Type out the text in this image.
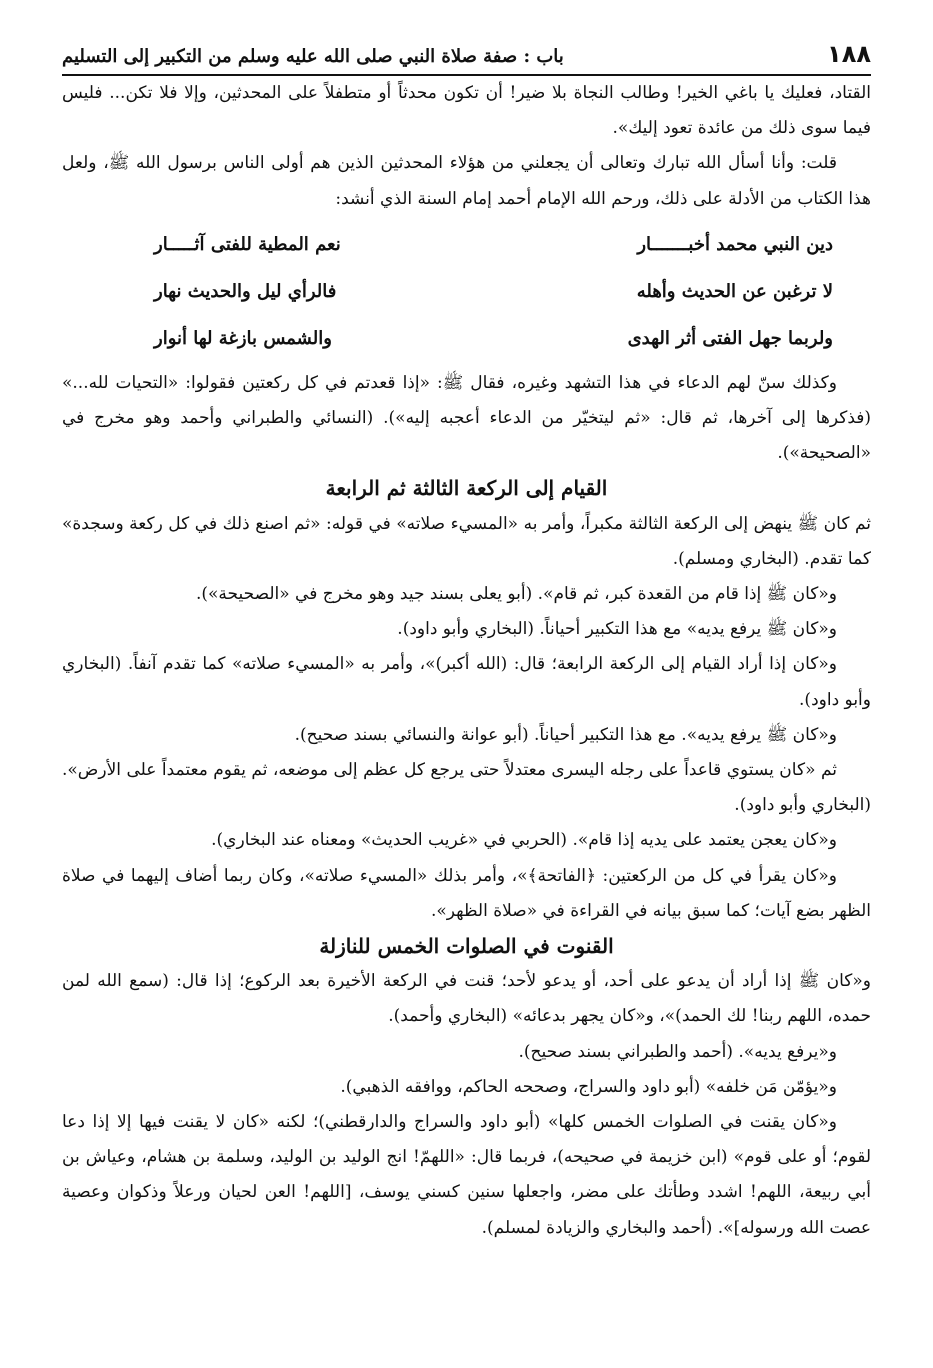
١٨٨
باب : صفة صلاة النبي صلى الله عليه وسلم من التكبير إلى التسليم

القتاد، فعليك يا باغي الخير! وطالب النجاة بلا ضير! أن تكون محدثاً أو متطفلاً على المحدثين، وإلا فلا تكن... فليس فيما سوى ذلك من عائدة تعود إليك».

قلت: وأنا أسأل الله تبارك وتعالى أن يجعلني من هؤلاء المحدثين الذين هم أولى الناس برسول الله ﷺ، ولعل هذا الكتاب من الأدلة على ذلك، ورحم الله الإمام أحمد إمام السنة الذي أنشد:

دين النبي محمد أخبـــــــار
نعم المطية للفتى آثـــــار
لا ترغبن عن الحديث وأهله
فالرأي ليل والحديث نهار
ولربما جهل الفتى أثر الهدى
والشمس بازغة لها أنوار

وكذلك سنّ لهم الدعاء في هذا التشهد وغيره، فقال ﷺ: «إذا قعدتم في كل ركعتين فقولوا: «التحيات لله...» (فذكرها إلى آخرها، ثم قال: «ثم ليتخيّر من الدعاء أعجبه إليه»). (النسائي والطبراني وأحمد وهو مخرج في «الصحيحة»).

القيام إلى الركعة الثالثة ثم الرابعة

ثم كان ﷺ ينهض إلى الركعة الثالثة مكبراً، وأمر به «المسيء صلاته» في قوله: «ثم اصنع ذلك في كل ركعة وسجدة» كما تقدم. (البخاري ومسلم).

و«كان ﷺ إذا قام من القعدة كبر، ثم قام». (أبو يعلى بسند جيد وهو مخرج في «الصحيحة»).

و«كان ﷺ يرفع يديه» مع هذا التكبير أحياناً. (البخاري وأبو داود).

و«كان إذا أراد القيام إلى الركعة الرابعة؛ قال: (الله أكبر)»، وأمر به «المسيء صلاته» كما تقدم آنفاً. (البخاري وأبو داود).

و«كان ﷺ يرفع يديه». مع هذا التكبير أحياناً. (أبو عوانة والنسائي بسند صحيح).

ثم «كان يستوي قاعداً على رجله اليسرى معتدلاً حتى يرجع كل عظم إلى موضعه، ثم يقوم معتمداً على الأرض». (البخاري وأبو داود).

و«كان يعجن يعتمد على يديه إذا قام». (الحربي في «غريب الحديث» ومعناه عند البخاري).

و«كان يقرأ في كل من الركعتين: ﴿الفاتحة﴾»، وأمر بذلك «المسيء صلاته»، وكان ربما أضاف إليهما في صلاة الظهر بضع آيات؛ كما سبق بيانه في القراءة في «صلاة الظهر».

القنوت في الصلوات الخمس للنازلة

و«كان ﷺ إذا أراد أن يدعو على أحد، أو يدعو لأحد؛ قنت في الركعة الأخيرة بعد الركوع؛ إذا قال: (سمع الله لمن حمده، اللهم ربنا! لك الحمد)»، و«كان يجهر بدعائه» (البخاري وأحمد).

و«يرفع يديه». (أحمد والطبراني بسند صحيح).

و«يؤمّن مَن خلفه» (أبو داود والسراج، وصححه الحاكم، ووافقه الذهبي).

و«كان يقنت في الصلوات الخمس كلها» (أبو داود والسراج والدارقطني)؛ لكنه «كان لا يقنت فيها إلا إذا دعا لقوم؛ أو على قوم» (ابن خزيمة في صحيحه)، فربما قال: «اللهمّ! انج الوليد بن الوليد، وسلمة بن هشام، وعياش بن أبي ربيعة، اللهم! اشدد وطأتك على مضر، واجعلها سنين كسني يوسف، [اللهم! العن لحيان ورعلاً وذكوان وعصية عصت الله ورسوله]». (أحمد والبخاري والزيادة لمسلم).
